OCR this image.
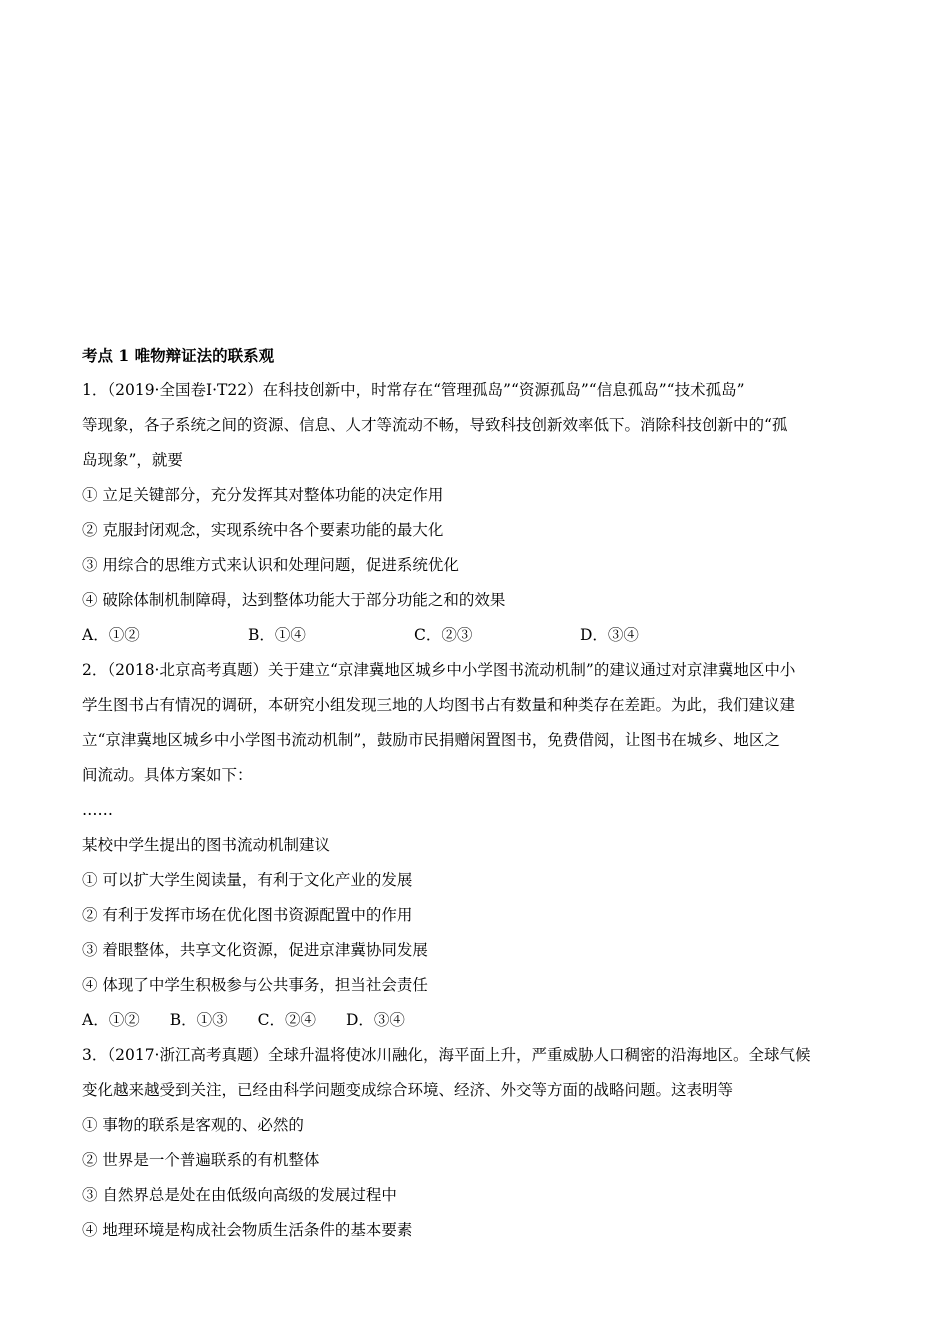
考点 1 唯物辩证法的联系观
1．（2019·全国卷Ⅰ·T22）在科技创新中，时常存在“管理孤岛”“资源孤岛”“信息孤岛”“技术孤岛”
等现象，各子系统之间的资源、信息、人才等流动不畅，导致科技创新效率低下。消除科技创新中的“孤
岛现象”，就要
① 立足关键部分，充分发挥其对整体功能的决定作用
② 克服封闭观念，实现系统中各个要素功能的最大化
③ 用综合的思维方式来认识和处理问题，促进系统优化
④ 破除体制机制障碍，达到整体功能大于部分功能之和的效果
A．①②	B．①④	C．②③	D．③④
2．（2018·北京高考真题）关于建立“京津冀地区城乡中小学图书流动机制”的建议通过对京津冀地区中小
学生图书占有情况的调研，本研究小组发现三地的人均图书占有数量和种类存在差距。为此，我们建议建
立“京津冀地区城乡中小学图书流动机制”，鼓励市民捐赠闲置图书，免费借阅，让图书在城乡、地区之
间流动。具体方案如下：
……
某校中学生提出的图书流动机制建议
① 可以扩大学生阅读量，有利于文化产业的发展
② 有利于发挥市场在优化图书资源配置中的作用
③ 着眼整体，共享文化资源，促进京津冀协同发展
④ 体现了中学生积极参与公共事务，担当社会责任
A．①② B．①③ C．②④ D．③④
3．（2017·浙江高考真题）全球升温将使冰川融化，海平面上升，严重威胁人口稠密的沿海地区。全球气候
变化越来越受到关注，已经由科学问题变成综合环境、经济、外交等方面的战略问题。这表明等
① 事物的联系是客观的、必然的
② 世界是一个普遍联系的有机整体
③ 自然界总是处在由低级向高级的发展过程中
④ 地理环境是构成社会物质生活条件的基本要素
